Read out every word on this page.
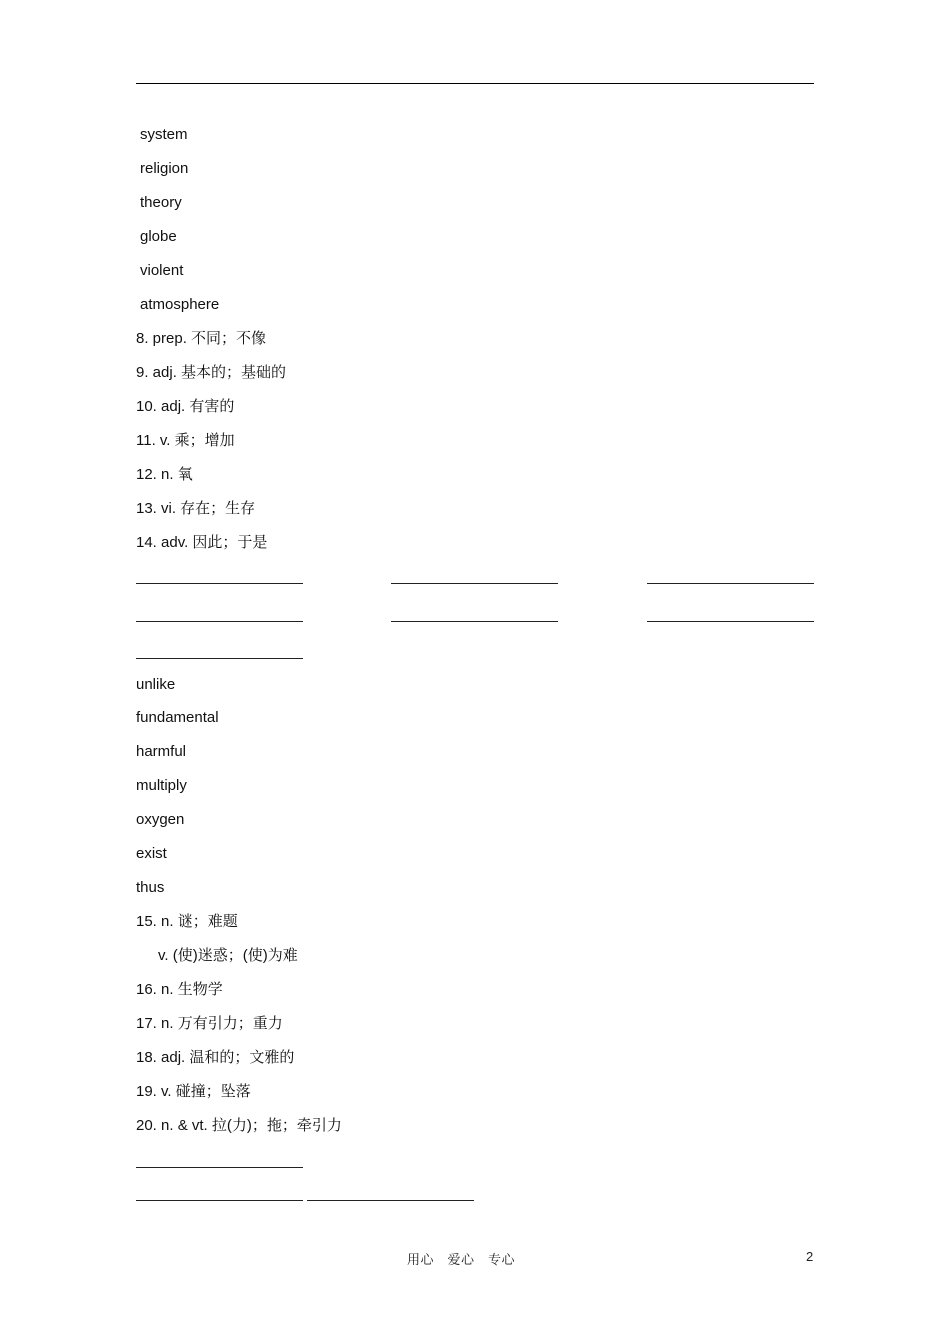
system
religion
theory
globe
violent
atmosphere
8. prep. 不同；不像
9. adj. 基本的；基础的
10. adj. 有害的
11. v. 乘；增加
12. n. 氧
13. vi. 存在；生存
14. adv. 因此；于是
unlike
fundamental
harmful
multiply
oxygen
exist
thus
15. n. 谜；难题
v. (使)迷惑；(使)为难
16. n. 生物学
17. n. 万有引力；重力
18. adj. 温和的；文雅的
19. v. 碰撞；坠落
20. n. & vt. 拉(力)；拖；牵引力
用心　爱心　专心	2
